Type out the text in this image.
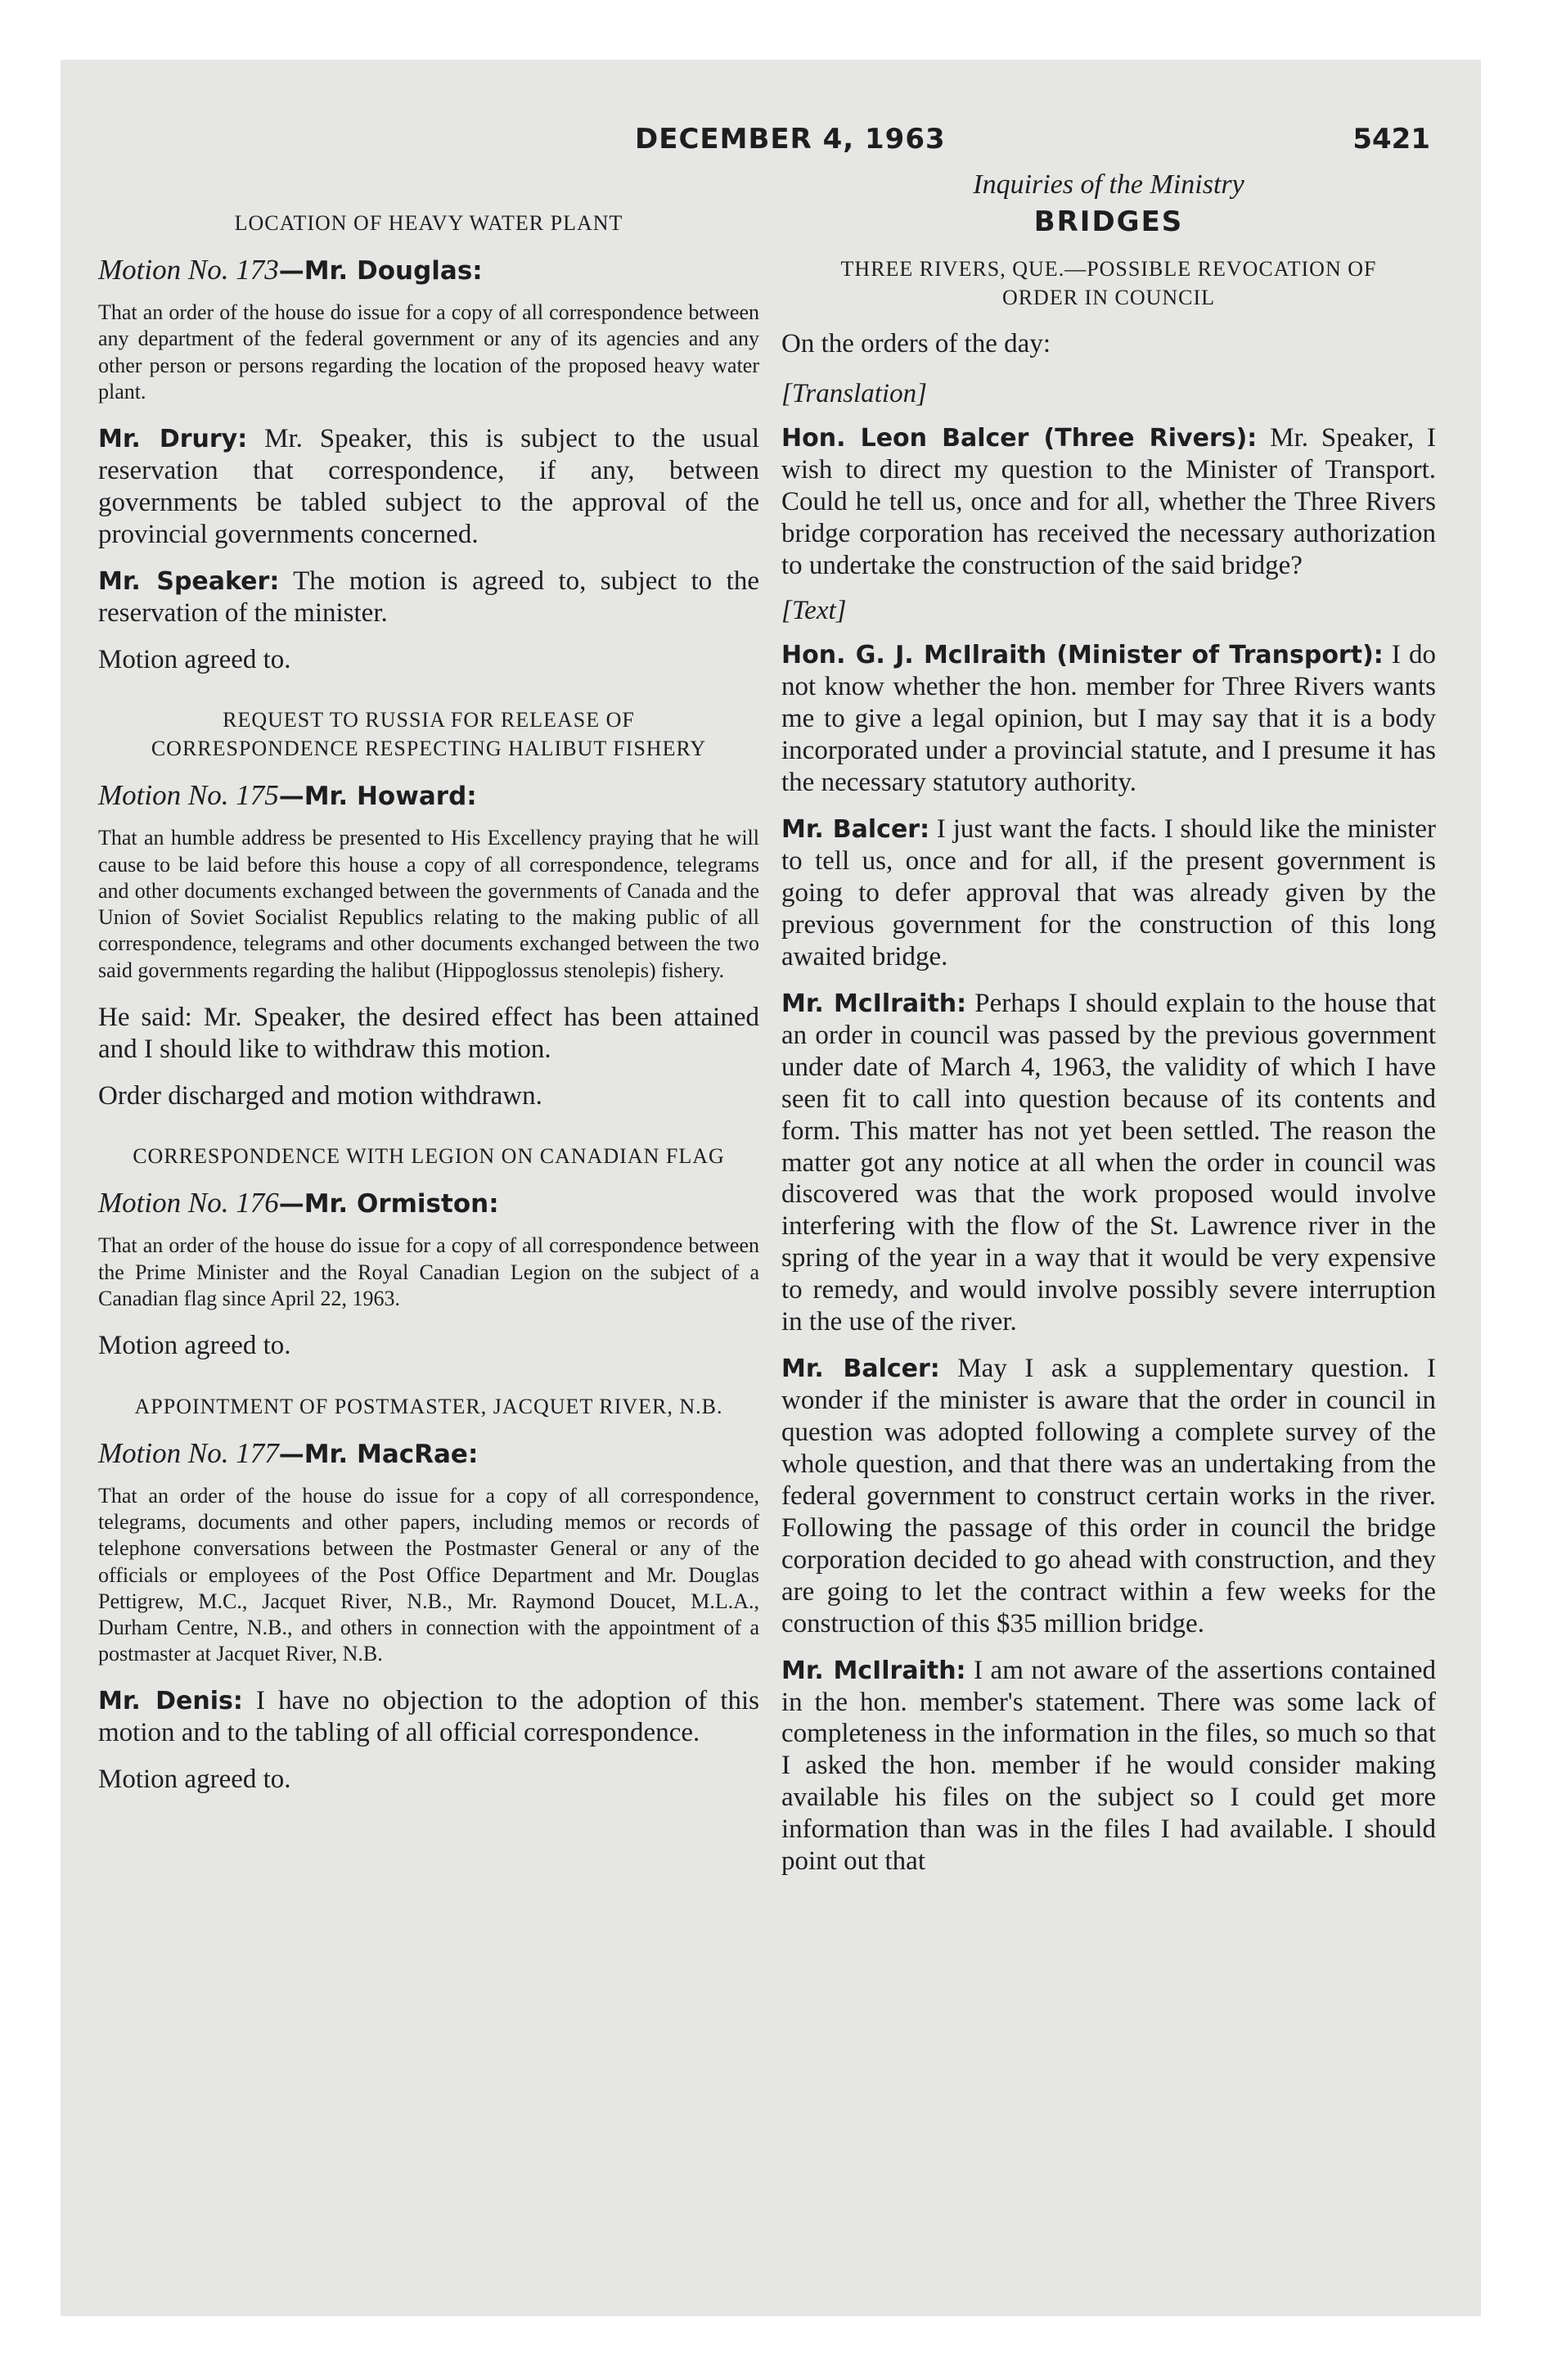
DECEMBER 4, 1963	5421
LOCATION OF HEAVY WATER PLANT
Motion No. 173—Mr. Douglas:
That an order of the house do issue for a copy of all correspondence between any department of the federal government or any of its agencies and any other person or persons regarding the location of the proposed heavy water plant.
Mr. Drury: Mr. Speaker, this is subject to the usual reservation that correspondence, if any, between governments be tabled subject to the approval of the provincial governments concerned.
Mr. Speaker: The motion is agreed to, subject to the reservation of the minister.
Motion agreed to.
REQUEST TO RUSSIA FOR RELEASE OF CORRESPONDENCE RESPECTING HALIBUT FISHERY
Motion No. 175—Mr. Howard:
That an humble address be presented to His Excellency praying that he will cause to be laid before this house a copy of all correspondence, telegrams and other documents exchanged between the governments of Canada and the Union of Soviet Socialist Republics relating to the making public of all correspondence, telegrams and other documents exchanged between the two said governments regarding the halibut (Hippoglossus stenolepis) fishery.
He said: Mr. Speaker, the desired effect has been attained and I should like to withdraw this motion.
Order discharged and motion withdrawn.
CORRESPONDENCE WITH LEGION ON CANADIAN FLAG
Motion No. 176—Mr. Ormiston:
That an order of the house do issue for a copy of all correspondence between the Prime Minister and the Royal Canadian Legion on the subject of a Canadian flag since April 22, 1963.
Motion agreed to.
APPOINTMENT OF POSTMASTER, JACQUET RIVER, N.B.
Motion No. 177—Mr. MacRae:
That an order of the house do issue for a copy of all correspondence, telegrams, documents and other papers, including memos or records of telephone conversations between the Postmaster General or any of the officials or employees of the Post Office Department and Mr. Douglas Pettigrew, M.C., Jacquet River, N.B., Mr. Raymond Doucet, M.L.A., Durham Centre, N.B., and others in connection with the appointment of a postmaster at Jacquet River, N.B.
Mr. Denis: I have no objection to the adoption of this motion and to the tabling of all official correspondence.
Motion agreed to.
Inquiries of the Ministry
BRIDGES
THREE RIVERS, QUE.—POSSIBLE REVOCATION OF ORDER IN COUNCIL
On the orders of the day:
[Translation]
Hon. Leon Balcer (Three Rivers): Mr. Speaker, I wish to direct my question to the Minister of Transport. Could he tell us, once and for all, whether the Three Rivers bridge corporation has received the necessary authorization to undertake the construction of the said bridge?
[Text]
Hon. G. J. McIlraith (Minister of Transport): I do not know whether the hon. member for Three Rivers wants me to give a legal opinion, but I may say that it is a body incorporated under a provincial statute, and I presume it has the necessary statutory authority.
Mr. Balcer: I just want the facts. I should like the minister to tell us, once and for all, if the present government is going to defer approval that was already given by the previous government for the construction of this long awaited bridge.
Mr. McIlraith: Perhaps I should explain to the house that an order in council was passed by the previous government under date of March 4, 1963, the validity of which I have seen fit to call into question because of its contents and form. This matter has not yet been settled. The reason the matter got any notice at all when the order in council was discovered was that the work proposed would involve interfering with the flow of the St. Lawrence river in the spring of the year in a way that it would be very expensive to remedy, and would involve possibly severe interruption in the use of the river.
Mr. Balcer: May I ask a supplementary question. I wonder if the minister is aware that the order in council in question was adopted following a complete survey of the whole question, and that there was an undertaking from the federal government to construct certain works in the river. Following the passage of this order in council the bridge corporation decided to go ahead with construction, and they are going to let the contract within a few weeks for the construction of this $35 million bridge.
Mr. McIlraith: I am not aware of the assertions contained in the hon. member's statement. There was some lack of completeness in the information in the files, so much so that I asked the hon. member if he would consider making available his files on the subject so I could get more information than was in the files I had available. I should point out that
